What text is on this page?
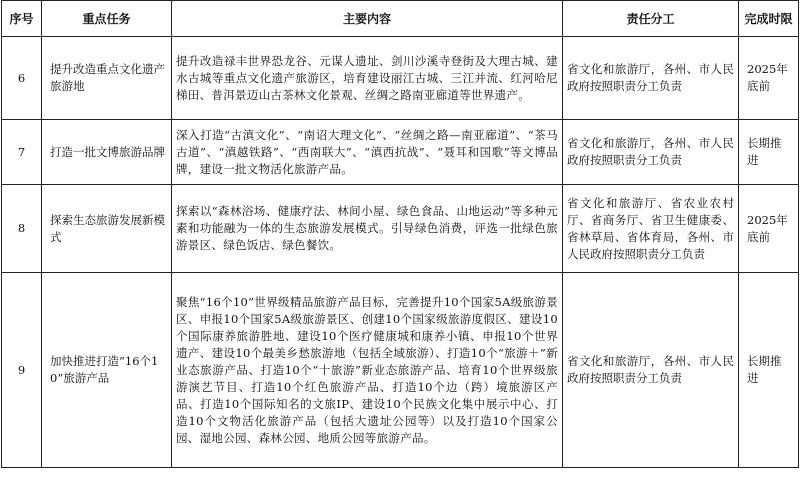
序号	重点任务	主要内容	责任分工	完成时限
6	提升改造重点文化遗产旅游地	提升改造禄丰世界恐龙谷、元谋人遗址、剑川沙溪寺登街及大理古城、建水古城等重点文化遗产旅游区，培育建设丽江古城、三江并流、红河哈尼梯田、普洱景迈山古茶林文化景观、丝绸之路南亚廊道等世界遗产。	省文化和旅游厅，各州、市人民政府按照职责分工负责	2025年底前
7	打造一批文博旅游品牌	深入打造“古滇文化”、“南诏大理文化”、“丝绸之路—南亚廊道”、“茶马古道”、“滇越铁路”、“西南联大”、“滇西抗战”、“聂耳和国歌”等文博品牌，建设一批文物活化旅游产品。	省文化和旅游厅，各州、市人民政府按照职责分工负责	长期推进
8	探索生态旅游发展新模式	探索以“森林浴场、健康疗法、林间小屋、绿色食品、山地运动”等多种元素和功能融为一体的生态旅游发展模式。引导绿色消费，评选一批绿色旅游景区、绿色饭店、绿色餐饮。	省文化和旅游厅、省农业农村厅、省商务厅、省卫生健康委、省林草局、省体育局，各州、市人民政府按照职责分工负责	2025年底前
9	加快推进打造“16个10”旅游产品	聚焦“16个10”世界级精品旅游产品目标，完善提升10个国家5A级旅游景区、申报10个国家5A级旅游景区、创建10个国家级旅游度假区、建设10个国际康养旅游胜地、建设10个医疗健康城和康养小镇、申报10个世界遗产、建设10个最美乡愁旅游地（包括全域旅游）、打造10个“旅游＋”新业态旅游产品、打造10个“十旅游”新业态旅游产品、培育10个世界级旅游演艺节目、打造10个红色旅游产品、打造10个边（跨）境旅游区产品、打造10个国际知名的文旅IP、建设10个民族文化集中展示中心、打造10个文物活化旅游产品（包括大遗址公园等）以及打造10个国家公园、湿地公园、森林公园、地质公园等旅游产品。	省文化和旅游厅，各州、市人民政府按照职责分工负责	长期推进
